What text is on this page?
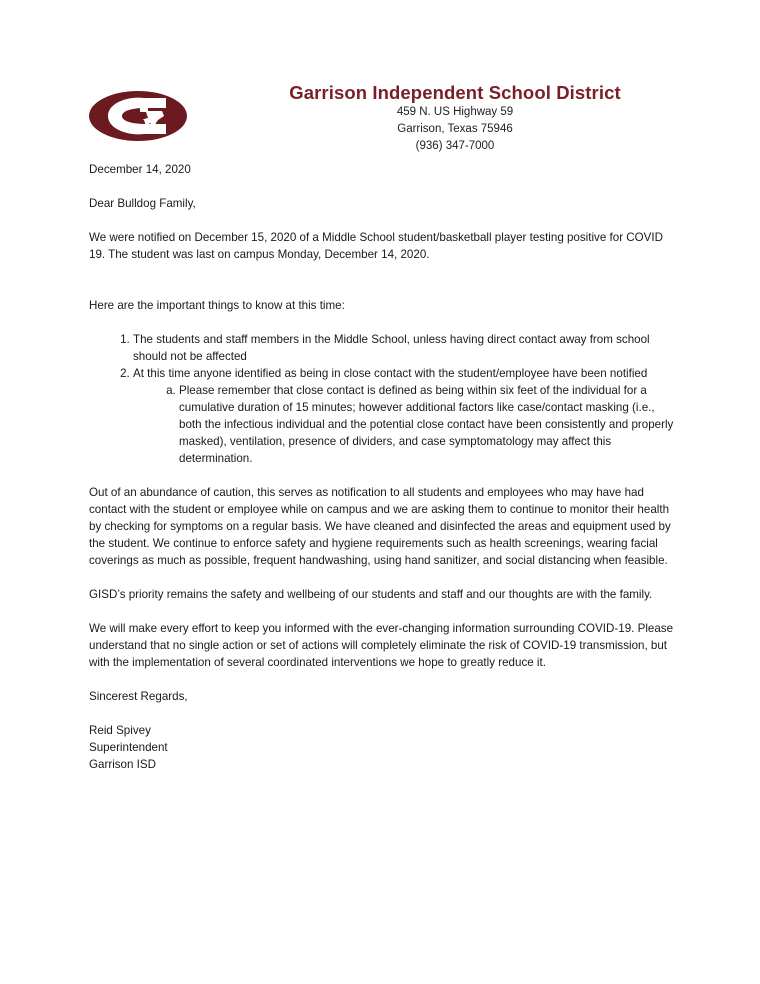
Garrison Independent School District
459 N. US Highway 59
Garrison, Texas 75946
(936) 347-7000

December 14, 2020

Dear Bulldog Family,

We were notified on December 15, 2020 of a Middle School student/basketball player testing positive for COVID 19. The student was last on campus Monday, December 14, 2020.

Here are the important things to know at this time:

1. The students and staff members in the Middle School, unless having direct contact away from school should not be affected
2. At this time anyone identified as being in close contact with the student/employee have been notified
a. Please remember that close contact is defined as being within six feet of the individual for a cumulative duration of 15 minutes; however additional factors like case/contact masking (i.e., both the infectious individual and the potential close contact have been consistently and properly masked), ventilation, presence of dividers, and case symptomatology may affect this determination.

Out of an abundance of caution, this serves as notification to all students and employees who may have had contact with the student or employee while on campus and we are asking them to continue to monitor their health by checking for symptoms on a regular basis. We have cleaned and disinfected the areas and equipment used by the student. We continue to enforce safety and hygiene requirements such as health screenings, wearing facial coverings as much as possible, frequent handwashing, using hand sanitizer, and social distancing when feasible.

GISD’s priority remains the safety and wellbeing of our students and staff and our thoughts are with the family.

We will make every effort to keep you informed with the ever-changing information surrounding COVID-19. Please understand that no single action or set of actions will completely eliminate the risk of COVID-19 transmission, but with the implementation of several coordinated interventions we hope to greatly reduce it.

Sincerest Regards,

Reid Spivey
Superintendent
Garrison ISD
